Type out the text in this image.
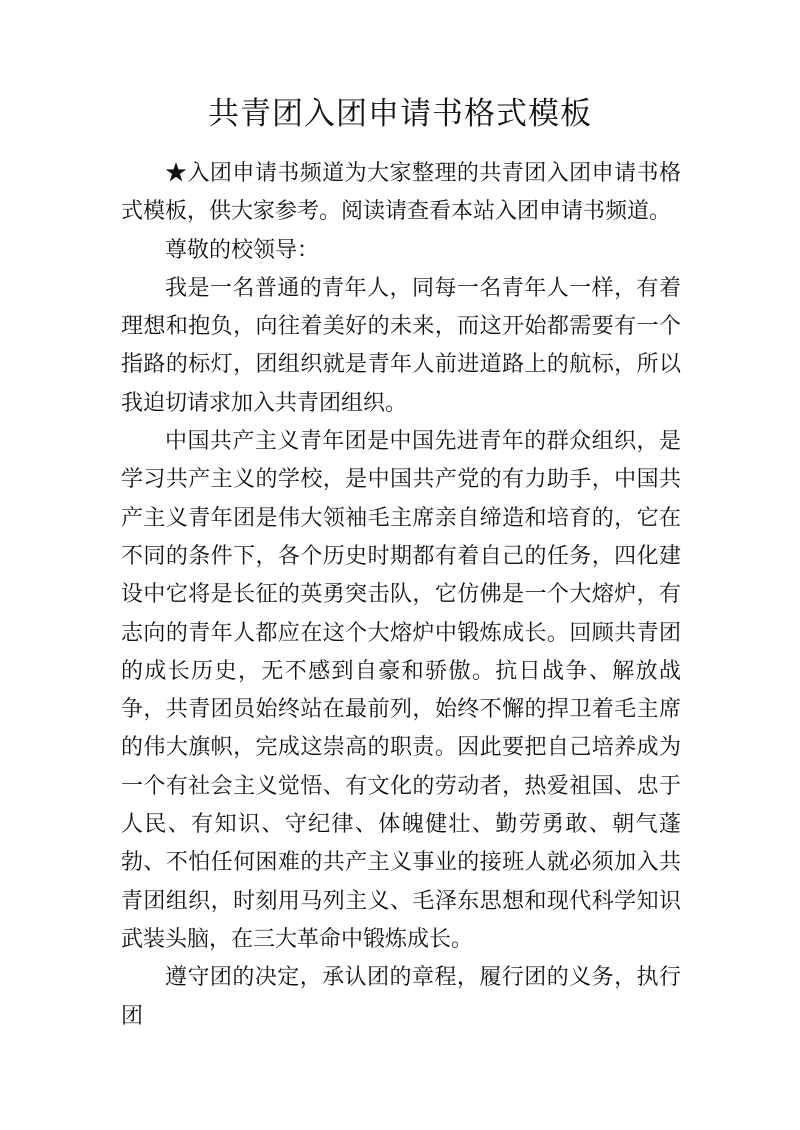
共青团入团申请书格式模板

★入团申请书频道为大家整理的共青团入团申请书格式模板，供大家参考。阅读请查看本站入团申请书频道。

尊敬的校领导：

我是一名普通的青年人，同每一名青年人一样，有着理想和抱负，向往着美好的未来，而这开始都需要有一个指路的标灯，团组织就是青年人前进道路上的航标，所以我迫切请求加入共青团组织。

中国共产主义青年团是中国先进青年的群众组织，是学习共产主义的学校，是中国共产党的有力助手，中国共产主义青年团是伟大领袖毛主席亲自缔造和培育的，它在不同的条件下，各个历史时期都有着自己的任务，四化建设中它将是长征的英勇突击队，它仿佛是一个大熔炉，有志向的青年人都应在这个大熔炉中锻炼成长。回顾共青团的成长历史，无不感到自豪和骄傲。抗日战争、解放战争，共青团员始终站在最前列，始终不懈的捍卫着毛主席的伟大旗帜，完成这崇高的职责。因此要把自己培养成为一个有社会主义觉悟、有文化的劳动者，热爱祖国、忠于人民、有知识、守纪律、体魄健壮、勤劳勇敢、朝气蓬勃、不怕任何困难的共产主义事业的接班人就必须加入共青团组织，时刻用马列主义、毛泽东思想和现代科学知识武装头脑，在三大革命中锻炼成长。

遵守团的决定，承认团的章程，履行团的义务，执行团
